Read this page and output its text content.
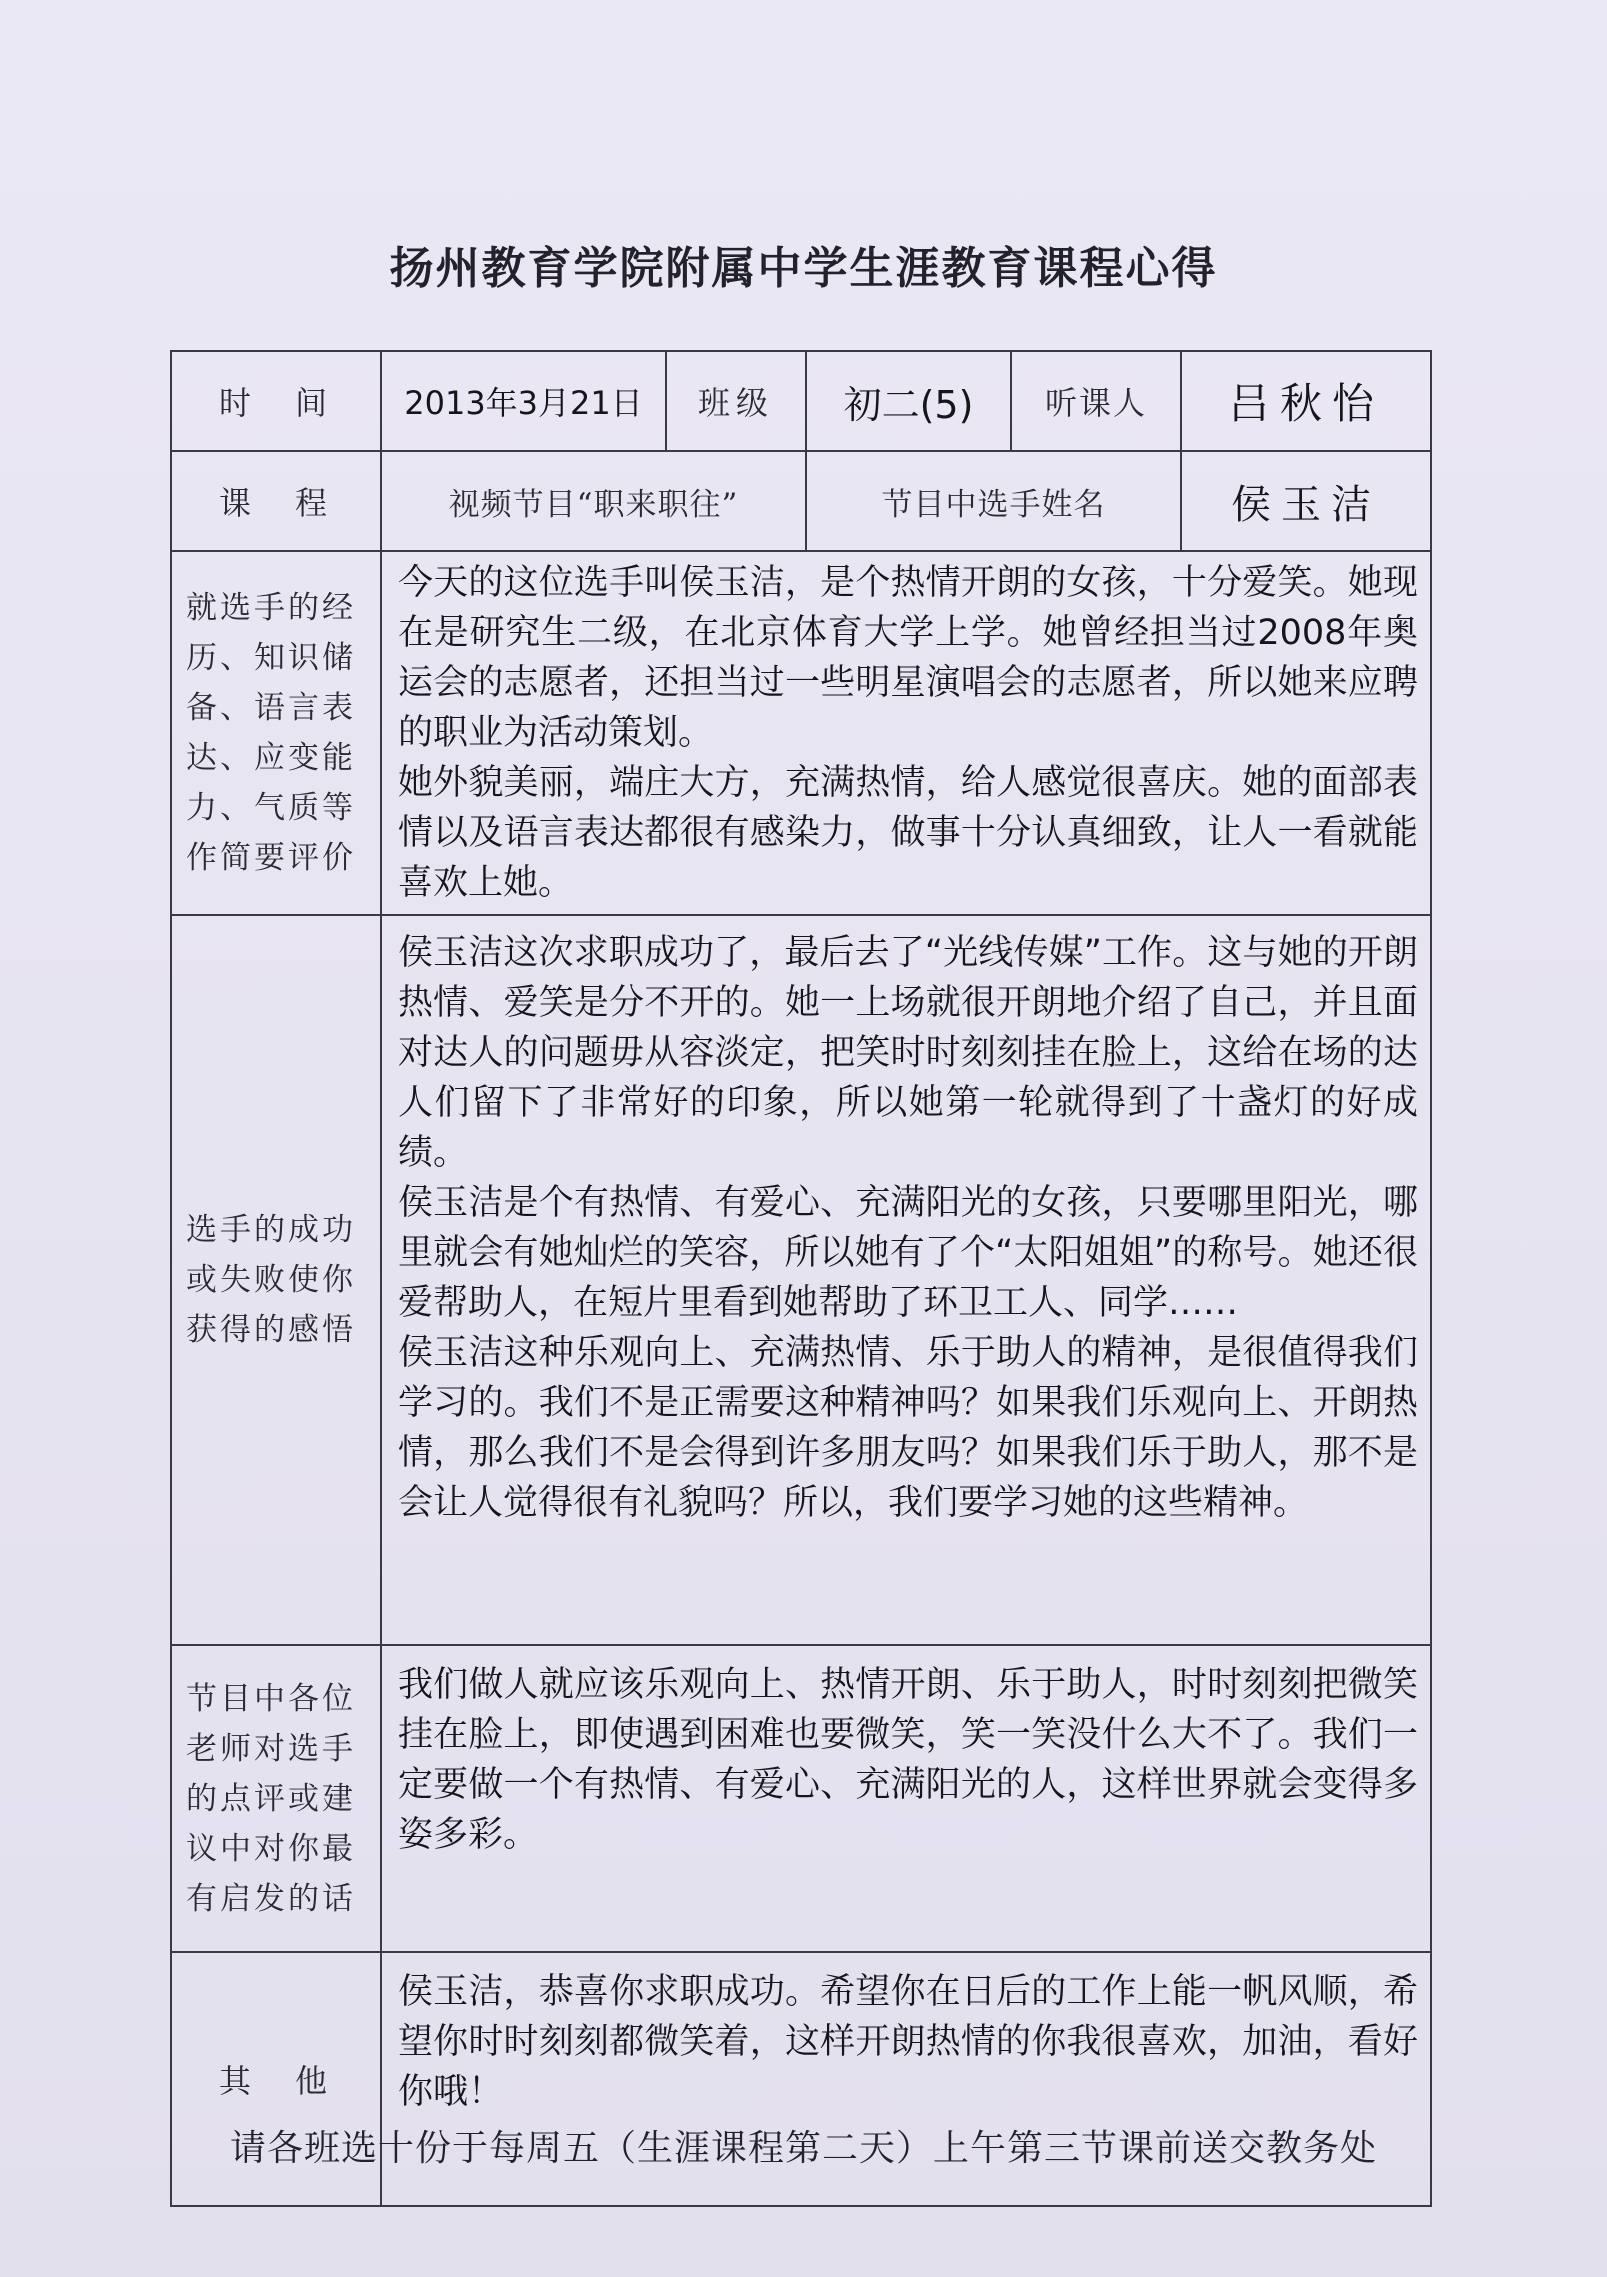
扬州教育学院附属中学生涯教育课程心得
时　间	2013年3月21日	班级	初二(5)	听课人	吕秋怡
课　程	视频节目“职来职往”		节目中选手姓名		侯玉洁
就选手的经历、知识储备、语言表达、应变能力、气质等作简要评价	今天的这位选手叫侯玉洁，是个热情开朗的女孩，十分爱笑。她现在是研究生二级，在北京体育大学上学。她曾经担当过2008年奥运会的志愿者，还担当过一些明星演唱会的志愿者，所以她来应聘的职业为活动策划。

她外貌美丽，端庄大方，充满热情，给人感觉很喜庆。她的面部表情以及语言表达都很有感染力，做事十分认真细致，让人一看就能喜欢上她。				

选手的成功或失败使你获得的感悟	侯玉洁这次求职成功了，最后去了“光线传媒”工作。这与她的开朗热情、爱笑是分不开的。她一上场就很开朗地介绍了自己，并且面对达人的问题毋从容淡定，把笑时时刻刻挂在脸上，这给在场的达人们留下了非常好的印象，所以她第一轮就得到了十盏灯的好成绩。

侯玉洁是个有热情、有爱心、充满阳光的女孩，只要哪里阳光，哪里就会有她灿烂的笑容，所以她有了个“太阳姐姐”的称号。她还很爱帮助人，在短片里看到她帮助了环卫工人、同学……

侯玉洁这种乐观向上、充满热情、乐于助人的精神，是很值得我们学习的。我们不是正需要这种精神吗？如果我们乐观向上、开朗热情，那么我们不是会得到许多朋友吗？如果我们乐于助人，那不是会让人觉得很有礼貌吗？所以，我们要学习她的这些精神。				

节目中各位老师对选手的点评或建议中对你最有启发的话	我们做人就应该乐观向上、热情开朗、乐于助人，时时刻刻把微笑挂在脸上，即使遇到困难也要微笑，笑一笑没什么大不了。我们一定要做一个有热情、有爱心、充满阳光的人，这样世界就会变得多姿多彩。				

其　他	侯玉洁，恭喜你求职成功。希望你在日后的工作上能一帆风顺，希望你时时刻刻都微笑着，这样开朗热情的你我很喜欢，加油，看好你哦！				

请各班选十份于每周五（生涯课程第二天）上午第三节课前送交教务处
